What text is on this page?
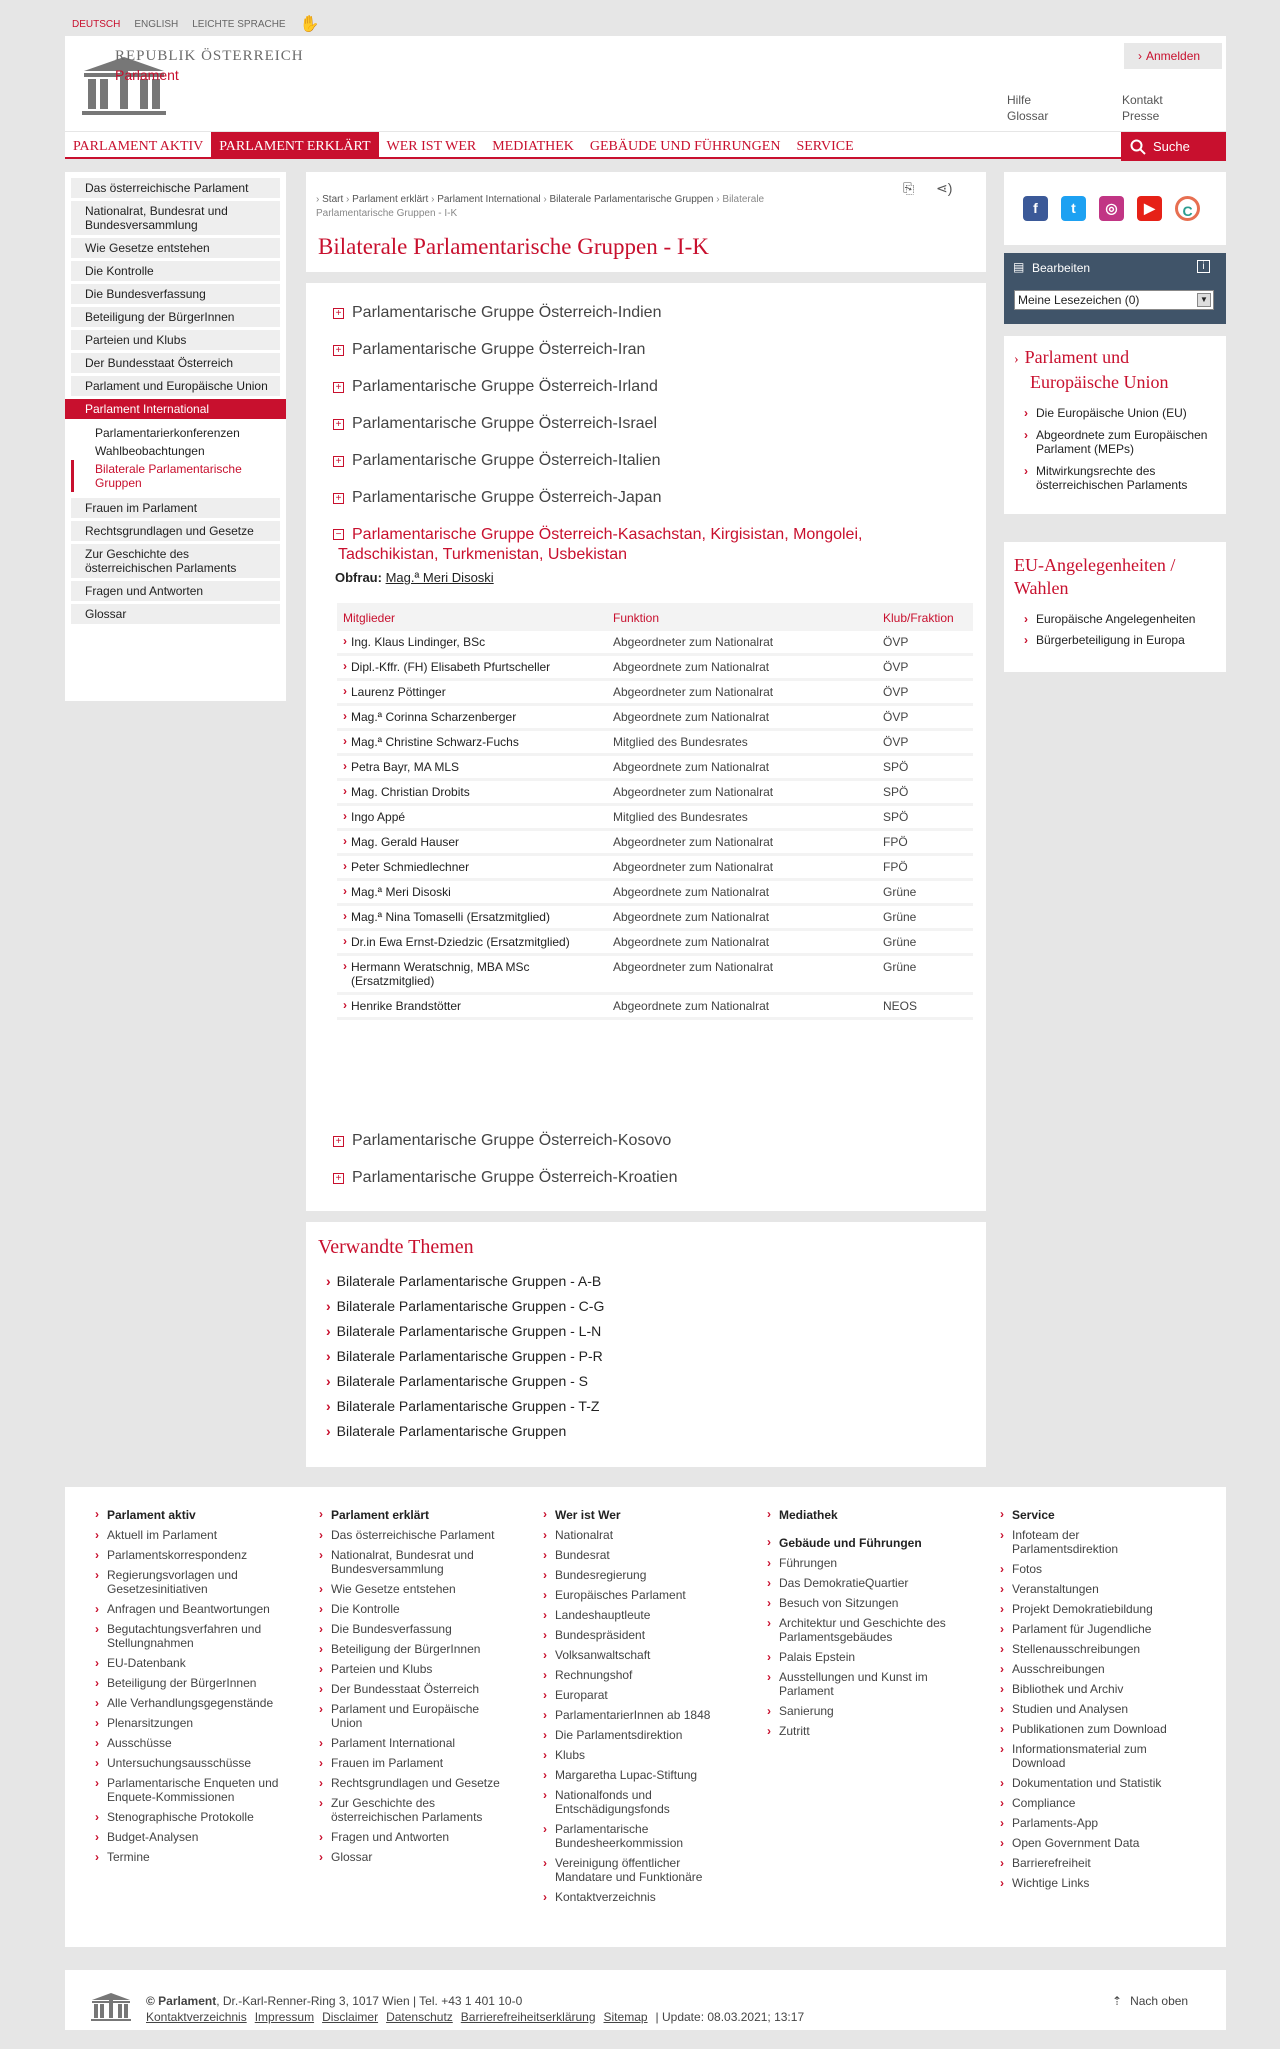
DEUTSCH ENGLISH LEICHTE SPRACHE ✋
REPUBLIK ÖSTERREICH
Parlament
› Anmelden
Hilfe
Glossar
Kontakt
Presse
PARLAMENT AKTIV	PARLAMENT ERKLÄRT	WER IST WER	MEDIATHEK	GEBÄUDE UND FÜHRUNGEN	SERVICE	Suche
Das österreichische Parlament
Nationalrat, Bundesrat und Bundesversammlung
Wie Gesetze entstehen
Die Kontrolle
Die Bundesverfassung
Beteiligung der BürgerInnen
Parteien und Klubs
Der Bundesstaat Österreich
Parlament und Europäische Union
Parlament International
Parlamentarierkonferenzen
Wahlbeobachtungen
Bilaterale Parlamentarische Gruppen
Frauen im Parlament
Rechtsgrundlagen und Gesetze
Zur Geschichte des österreichischen Parlaments
Fragen und Antworten
Glossar
› Start › Parlament erklärt › Parlament International › Bilaterale Parlamentarische Gruppen › Bilaterale Parlamentarische Gruppen - I-K
⎘ ⋖)
Bilaterale Parlamentarische Gruppen - I-K
+ Parlamentarische Gruppe Österreich-Indien
+ Parlamentarische Gruppe Österreich-Iran
+ Parlamentarische Gruppe Österreich-Irland
+ Parlamentarische Gruppe Österreich-Israel
+ Parlamentarische Gruppe Österreich-Italien
+ Parlamentarische Gruppe Österreich-Japan
− Parlamentarische Gruppe Österreich-Kasachstan, Kirgisistan, Mongolei,
Tadschikistan, Turkmenistan, Usbekistan
Obfrau: Mag.ª Meri Disoski
Mitglieder	Funktion	Klub/Fraktion
› Ing. Klaus Lindinger, BSc	Abgeordneter zum Nationalrat	ÖVP
› Dipl.-Kffr. (FH) Elisabeth Pfurtscheller	Abgeordnete zum Nationalrat	ÖVP
› Laurenz Pöttinger	Abgeordneter zum Nationalrat	ÖVP
› Mag.ª Corinna Scharzenberger	Abgeordnete zum Nationalrat	ÖVP
› Mag.ª Christine Schwarz-Fuchs	Mitglied des Bundesrates	ÖVP
› Petra Bayr, MA MLS	Abgeordnete zum Nationalrat	SPÖ
› Mag. Christian Drobits	Abgeordneter zum Nationalrat	SPÖ
› Ingo Appé	Mitglied des Bundesrates	SPÖ
› Mag. Gerald Hauser	Abgeordneter zum Nationalrat	FPÖ
› Peter Schmiedlechner	Abgeordneter zum Nationalrat	FPÖ
› Mag.ª Meri Disoski	Abgeordnete zum Nationalrat	Grüne
› Mag.ª Nina Tomaselli (Ersatzmitglied)	Abgeordnete zum Nationalrat	Grüne
› Dr.in Ewa Ernst-Dziedzic (Ersatzmitglied)	Abgeordnete zum Nationalrat	Grüne
› Hermann Weratschnig, MBA MSc (Ersatzmitglied)	Abgeordneter zum Nationalrat	Grüne
› Henrike Brandstötter	Abgeordnete zum Nationalrat	NEOS
+ Parlamentarische Gruppe Österreich-Kosovo
+ Parlamentarische Gruppe Österreich-Kroatien
Verwandte Themen
› Bilaterale Parlamentarische Gruppen - A-B
› Bilaterale Parlamentarische Gruppen - C-G
› Bilaterale Parlamentarische Gruppen - L-N
› Bilaterale Parlamentarische Gruppen - P-R
› Bilaterale Parlamentarische Gruppen - S
› Bilaterale Parlamentarische Gruppen - T-Z
› Bilaterale Parlamentarische Gruppen
f	t	◎	▶	C
▤ Bearbeiten	i
Meine Lesezeichen (0)	▼
› Parlament und
Europäische Union
› Die Europäische Union (EU)
› Abgeordnete zum Europäischen Parlament (MEPs)
› Mitwirkungsrechte des österreichischen Parlaments
EU-Angelegenheiten /
Wahlen
› Europäische Angelegenheiten
› Bürgerbeteiligung in Europa
› Parlament aktiv
› Aktuell im Parlament
› Parlamentskorrespondenz
› Regierungsvorlagen und Gesetzesinitiativen
› Anfragen und Beantwortungen
› Begutachtungsverfahren und Stellungnahmen
› EU-Datenbank
› Beteiligung der BürgerInnen
› Alle Verhandlungsgegenstände
› Plenarsitzungen
› Ausschüsse
› Untersuchungsausschüsse
› Parlamentarische Enqueten und Enquete-Kommissionen
› Stenographische Protokolle
› Budget-Analysen
› Termine
› Parlament erklärt
› Das österreichische Parlament
› Nationalrat, Bundesrat und Bundesversammlung
› Wie Gesetze entstehen
› Die Kontrolle
› Die Bundesverfassung
› Beteiligung der BürgerInnen
› Parteien und Klubs
› Der Bundesstaat Österreich
› Parlament und Europäische Union
› Parlament International
› Frauen im Parlament
› Rechtsgrundlagen und Gesetze
› Zur Geschichte des österreichischen Parlaments
› Fragen und Antworten
› Glossar
› Wer ist Wer
› Nationalrat
› Bundesrat
› Bundesregierung
› Europäisches Parlament
› Landeshauptleute
› Bundespräsident
› Volksanwaltschaft
› Rechnungshof
› Europarat
› ParlamentarierInnen ab 1848
› Die Parlamentsdirektion
› Klubs
› Margaretha Lupac-Stiftung
› Nationalfonds und Entschädigungsfonds
› Parlamentarische Bundesheerkommission
› Vereinigung öffentlicher Mandatare und Funktionäre
› Kontaktverzeichnis
› Mediathek
› Gebäude und Führungen
› Führungen
› Das DemokratieQuartier
› Besuch von Sitzungen
› Architektur und Geschichte des Parlamentsgebäudes
› Palais Epstein
› Ausstellungen und Kunst im Parlament
› Sanierung
› Zutritt
› Service
› Infoteam der Parlamentsdirektion
› Fotos
› Veranstaltungen
› Projekt Demokratiebildung
› Parlament für Jugendliche
› Stellenausschreibungen
› Ausschreibungen
› Bibliothek und Archiv
› Studien und Analysen
› Publikationen zum Download
› Informationsmaterial zum Download
› Dokumentation und Statistik
› Compliance
› Parlaments-App
› Open Government Data
› Barrierefreiheit
› Wichtige Links
© Parlament, Dr.-Karl-Renner-Ring 3, 1017 Wien | Tel. +43 1 401 10-0
Kontaktverzeichnis Impressum Disclaimer Datenschutz Barrierefreiheitserklärung Sitemap | Update: 08.03.2021; 13:17
⇡ Nach oben
